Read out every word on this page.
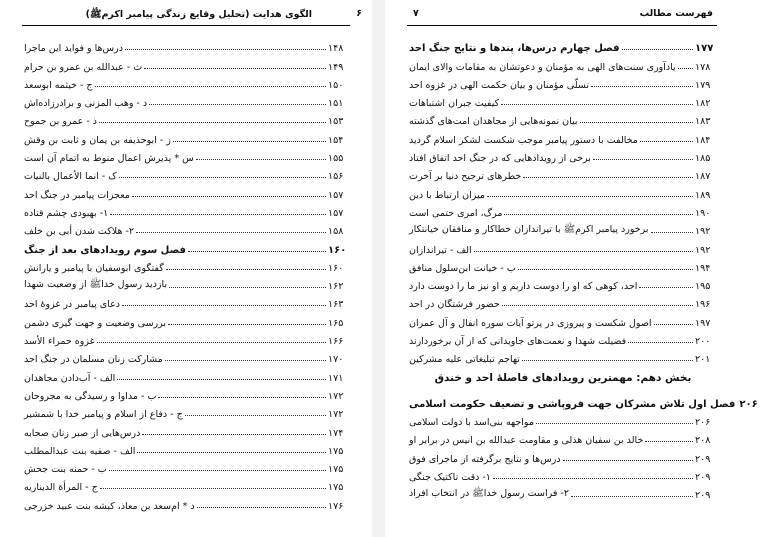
فهرست مطالب
۷
فصل چهارم درس‌ها، پندها و نتایج جنگ احد	۱۷۷
یادآوری سنت‌های الهی به مؤمنان و دعوتشان به مقامات والای ایمان ۱۷۸
تسلّی مؤمنان و بیان حکمت الهی در غزوه احد	۱۷۹
کیفیت جبران اشتباهات	۱۸۲
بیان نمونه‌هایی از مجاهدان امت‌های گذشته	۱۸۳
مخالفت با دستور پیامبر موجب شکست لشکر اسلام گردید	۱۸۴
برخی از رویدادهایی که در جنگ احد اتفاق افتاد	۱۸۵
خطرهای ترجیح دنیا بر آخرت	۱۸۷
میزان ارتباط با دین	۱۸۹
مرگ، امری حتمی است	۱۹۰
برخورد پیامبر اکرمﷺ با تیراندازان خطاکار و منافقان خیانتکار	۱۹۲
الف - تیراندازان	۱۹۲
ب - خیانت ابن‌سلول منافق	۱۹۴
احد، کوهی که او را دوست داریم و او نیز ما را دوست دارد	۱۹۵
حضور فرشتگان در احد	۱۹۶
اصول شکست و پیروزی در پرتو آیات سوره انفال و آل عمران	۱۹۷
فضیلت شهدا و نعمت‌های جاویدانی که از آن برخوردارند	۲۰۰
تهاجم تبلیغاتی علیه مشرکین	۲۰۱
بخش دهم: مهمترین رویدادهای فاصلهٔ احد و خندق
فصل اول تلاش مشرکان جهت فروپاشی و تضعیف حکومت اسلامی ۲۰۶
مواجهه بنی‌اسد با دولت اسلامی	۲۰۶
خالد بن سفیان هذلی و مقاومت عبدالله بن انیس در برابر او	۲۰۸
درس‌ها و نتایج برگرفته از ماجرای فوق	۲۰۹
۱- دقت تاکتیک جنگی	۲۰۹
۲- فراست رسول خداﷺ در انتخاب افراد	۲۰۹
الگوی هدایت (تحلیل وقایع زندگی پیامبر اکرمﷺ)	۶
درس‌ها و فواید این ماجرا	۱۴۸
ث - عبدالله بن عمرو بن حرام	۱۴۹
ج - خیثمه ابوسعد	۱۵۰
د - وهب المزنی و برادرزاده‌اش	۱۵۱
ذ - عمرو بن جموح	۱۵۳
ز - ابوحذیفه بن یمان و ثابت بن وقش	۱۵۴
س * پذیرش اعمال منوط به اتمام آن است	۱۵۵
ک - انما الأعمال بالنیات	۱۵۶
معجزات پیامبر در جنگ احد	۱۵۷
۱- بهبودی چشم قتاده	۱۵۷
۲- هلاکت شدن أبی بن خلف	۱۵۸
فصل سوم رویدادهای بعد از جنگ	۱۶۰
گفتگوی ابوسفیان با پیامبر و یارانش	۱۶۰
بازدید رسول خداﷺ از وضعیت شهدا	۱۶۲
دعای پیامبر در غزوهٔ احد	۱۶۳
بررسی وضعیت و جهت گیری دشمن	۱۶۵
غزوه حمراء الأسد	۱۶۶
مشارکت زنان مسلمان در جنگ احد	۱۷۰
الف - آب‌دادن مجاهدان	۱۷۱
ب - مداوا و رسیدگی به مجروحان	۱۷۲
ج - دفاع از اسلام و پیامبر خدا با شمشیر	۱۷۲
درس‌هایی از صبر زنان صحابه	۱۷۴
الف - صفیه بنت عبدالمطلب	۱۷۵
ب - حمنه بنت جحش	۱۷۵
ج - المرأة الدیناریه	۱۷۵
د * ام‌سعد بن معاذ، کبشه بنت عبید خزرجی	۱۷۶
